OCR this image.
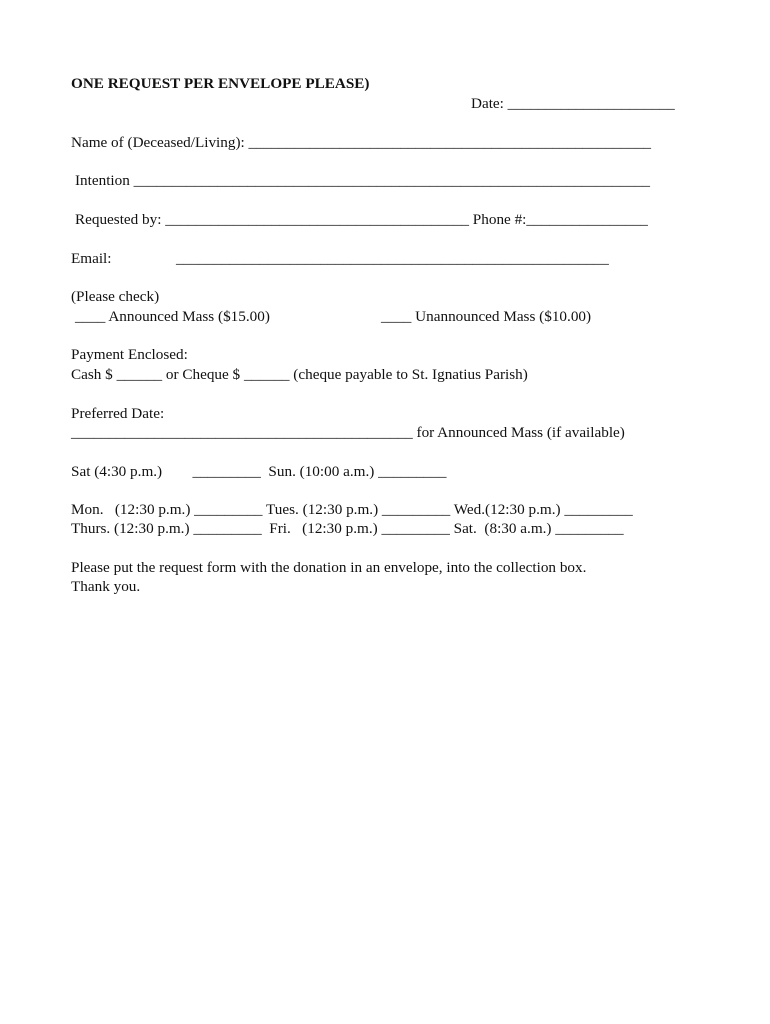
ONE REQUEST PER ENVELOPE PLEASE)
Date: ______________________
Name of (Deceased/Living): _____________________________________________________
Intention ____________________________________________________________________
Requested by: ________________________________________ Phone #:________________
Email:	_________________________________________________________
(Please check)
____ Announced Mass ($15.00)	____ Unannounced Mass ($10.00)
Payment Enclosed:
Cash $ ______ or Cheque $ ______ (cheque payable to St. Ignatius Parish)
Preferred Date:
_____________________________________________ for Announced Mass (if available)
Sat (4:30 p.m.)        _________  Sun. (10:00 a.m.) _________
Mon.   (12:30 p.m.) _________ Tues. (12:30 p.m.) _________ Wed.(12:30 p.m.) _________
Thurs. (12:30 p.m.) _________  Fri.   (12:30 p.m.) _________ Sat.  (8:30 a.m.) _________
Please put the request form with the donation in an envelope, into the collection box.
Thank you.
